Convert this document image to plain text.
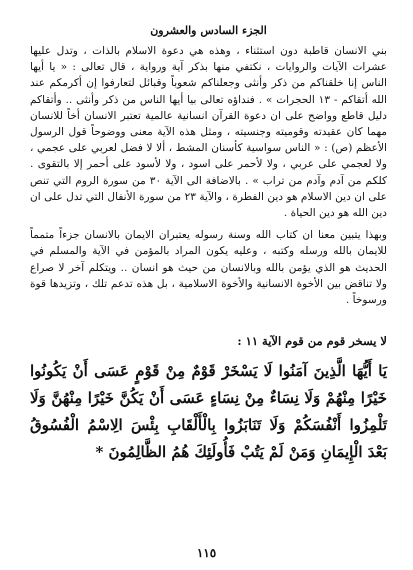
الجزء السادس والعشرون

بني الانسان قاطبة دون استثناء ، وهذه هي دعوة الاسلام بالذات ، وتدل عليها عشرات الآيات والروايات ، نكتفي منها بذكر آية ورواية ، قال تعالى : « يا أيها الناس إنا خلقناكم من ذكر وأنثى وجعلناكم شعوباً وقبائل لتعارفوا إن أكرمكم عند الله أتقاكم - ١٣ الحجرات » . فنداؤه تعالى بيا أيها الناس من ذكر وأنثى .. وأتقاكم دليل قاطع وواضح على ان دعوة القرآن انسانية عالمية تعتبر الانسان أخاً للانسان مهما كان عقيدته وقوميته وجنسيته ، ومثل هذه الآية معنى ووضوحاً قول الرسول الأعظم (ص) : « الناس سواسية كأسنان المشط ، ألا لا فضل لعربي على عجمي ، ولا لعجمي على عربي ، ولا لأحمر على اسود ، ولا لأسود على أحمر إلا بالتقوى . كلكم من آدم وآدم من تراب » . بالاضافة الى الآية ٣٠ من سورة الروم التي تنص على ان دين الاسلام هو دين الفطرة ، والآية ٢٣ من سورة الأنفال التي تدل على ان دين الله هو دين الحياة .

وبهذا يتبين معنا ان كتاب الله وسنة رسوله يعتبران الايمان بالانسان جزءاً متمماً للايمان بالله ورسله وكتبه ، وعليه يكون المراد بالمؤمن في الآية والمسلم في الحديث هو الذي يؤمن بالله وبالانسان من حيث هو انسان .. ويتكلم آخر لا صراع ولا تناقض بين الأخوة الانسانية والأخوة الاسلامية ، بل هذه تدعم تلك ، وتزيدها قوة ورسوخاً .

لا يسخر قوم من قوم الآية ١١ :
يَا أَيُّهَا الَّذِينَ آمَنُوا لَا يَسْخَرْ قَوْمٌ مِنْ قَوْمٍ عَسَى أَنْ يَكُونُوا خَيْرًا مِنْهُمْ وَلَا نِسَاءٌ مِنْ نِسَاءٍ عَسَى أَنْ يَكُنَّ خَيْرًا مِنْهُنَّ وَلَا تَلْمِزُوا أَنْفُسَكُمْ وَلَا تَنَابَزُوا بِالْأَلْقَابِ بِئْسَ الِاسْمُ الْفُسُوقُ بَعْدَ الْإِيمَانِ وَمَنْ لَمْ يَتُبْ فَأُولَئِكَ هُمُ الظَّالِمُونَ *
١١٥
